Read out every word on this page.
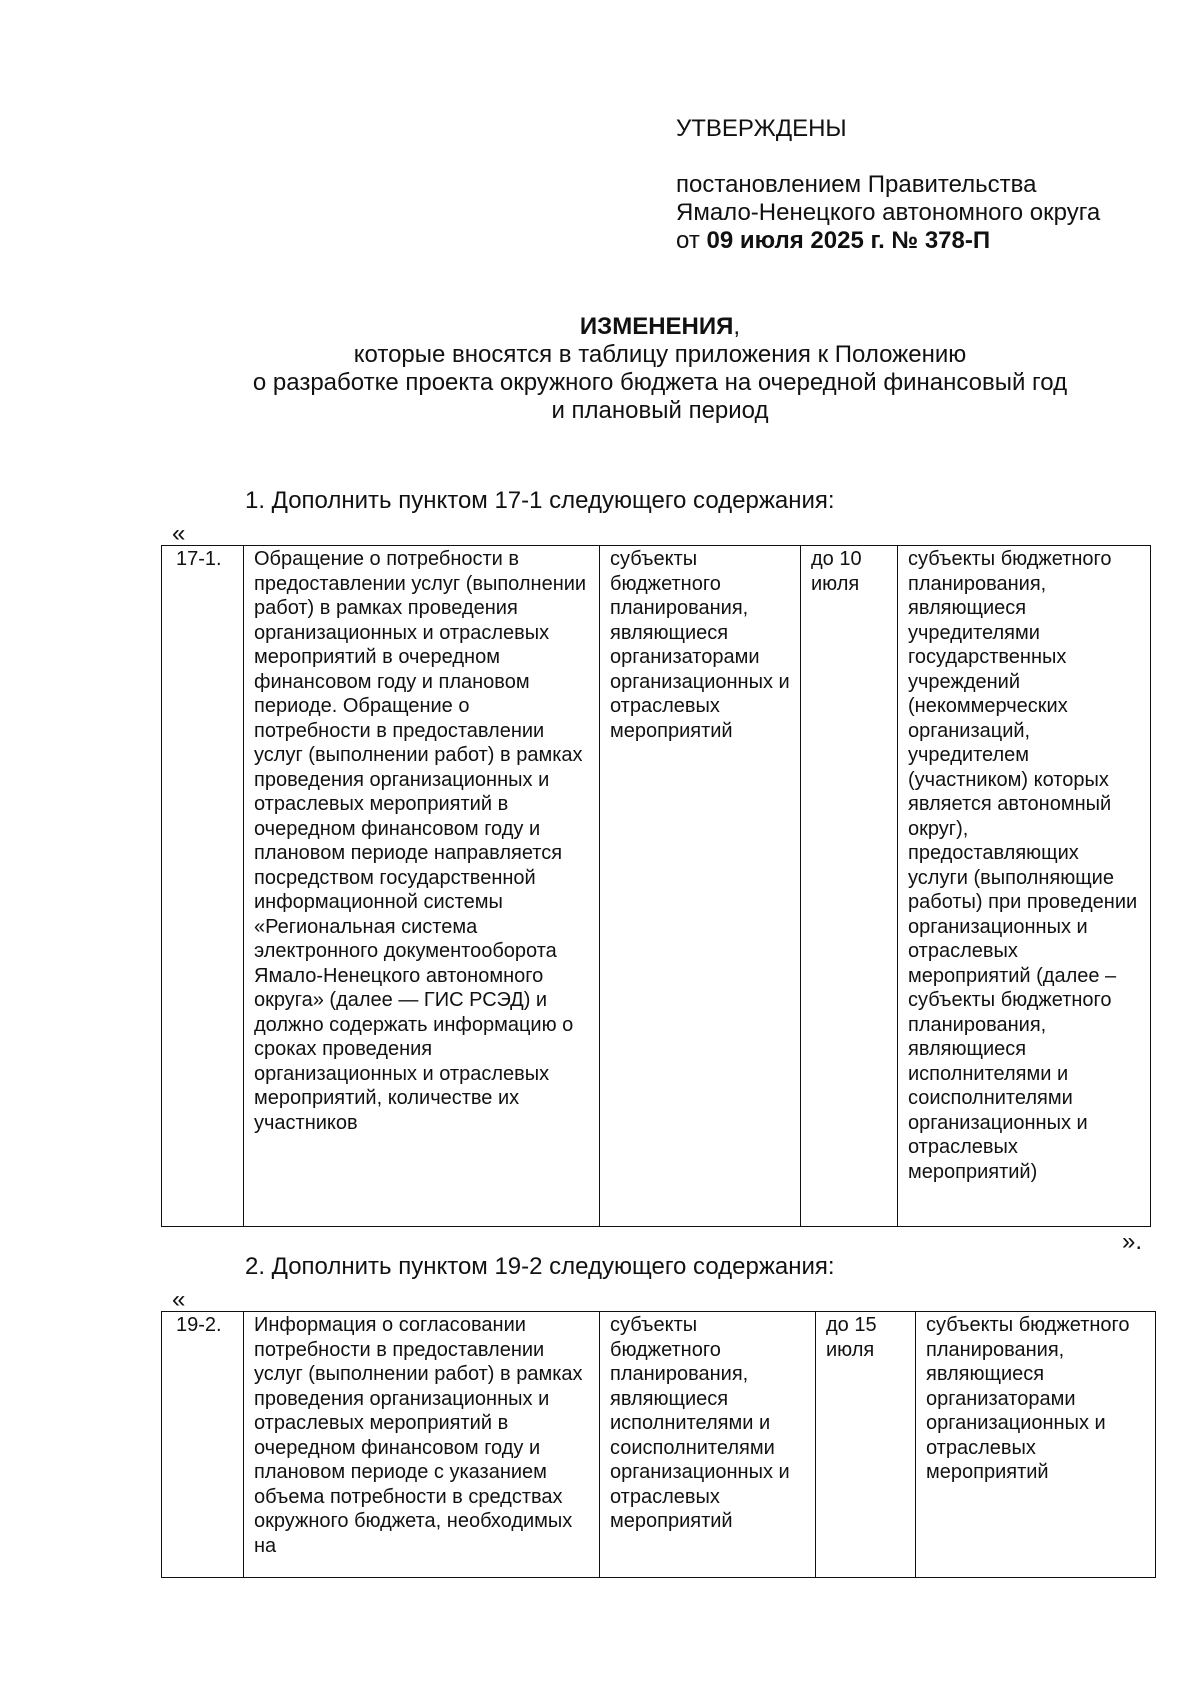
УТВЕРЖДЕНЫ
постановлением Правительства
Ямало-Ненецкого автономного округа
от 09 июля 2025 г. № 378-П
ИЗМЕНЕНИЯ,
которые вносятся в таблицу приложения к Положению
о разработке проекта окружного бюджета на очередной финансовый год
и плановый период
1. Дополнить пунктом 17-1 следующего содержания:
«
17-1.	Обращение о потребности в предоставлении услуг (выполнении работ) в рамках проведения организационных и отраслевых мероприятий в очередном финансовом году и плановом периоде. Обращение о потребности в предоставлении услуг (выполнении работ) в рамках проведения организационных и отраслевых мероприятий в очередном финансовом году и плановом периоде направляется посредством государственной информационной системы «Региональная система электронного документооборота Ямало-Ненецкого автономного округа» (далее — ГИС РСЭД) и должно содержать информацию о сроках проведения организационных и отраслевых мероприятий, количестве их участников	субъекты бюджетного планирования, являющиеся организаторами организационных и отраслевых мероприятий	до 10 июля	субъекты бюджетного планирования, являющиеся учредителями государственных учреждений (некоммерческих организаций, учредителем (участником) которых является автономный округ), предоставляющих услуги (выполняющие работы) при проведении организационных и отраслевых мероприятий (далее – субъекты бюджетного планирования, являющиеся исполнителями и соисполнителями организационных и отраслевых мероприятий)
».
2. Дополнить пунктом 19-2 следующего содержания:
«
19-2.	Информация о согласовании потребности в предоставлении услуг (выполнении работ) в рамках проведения организационных и отраслевых мероприятий в очередном финансовом году и плановом периоде с указанием объема потребности в средствах окружного бюджета, необходимых на	субъекты бюджетного планирования, являющиеся исполнителями и соисполнителями организационных и отраслевых мероприятий	до 15 июля	субъекты бюджетного планирования, являющиеся организаторами организационных и отраслевых мероприятий
